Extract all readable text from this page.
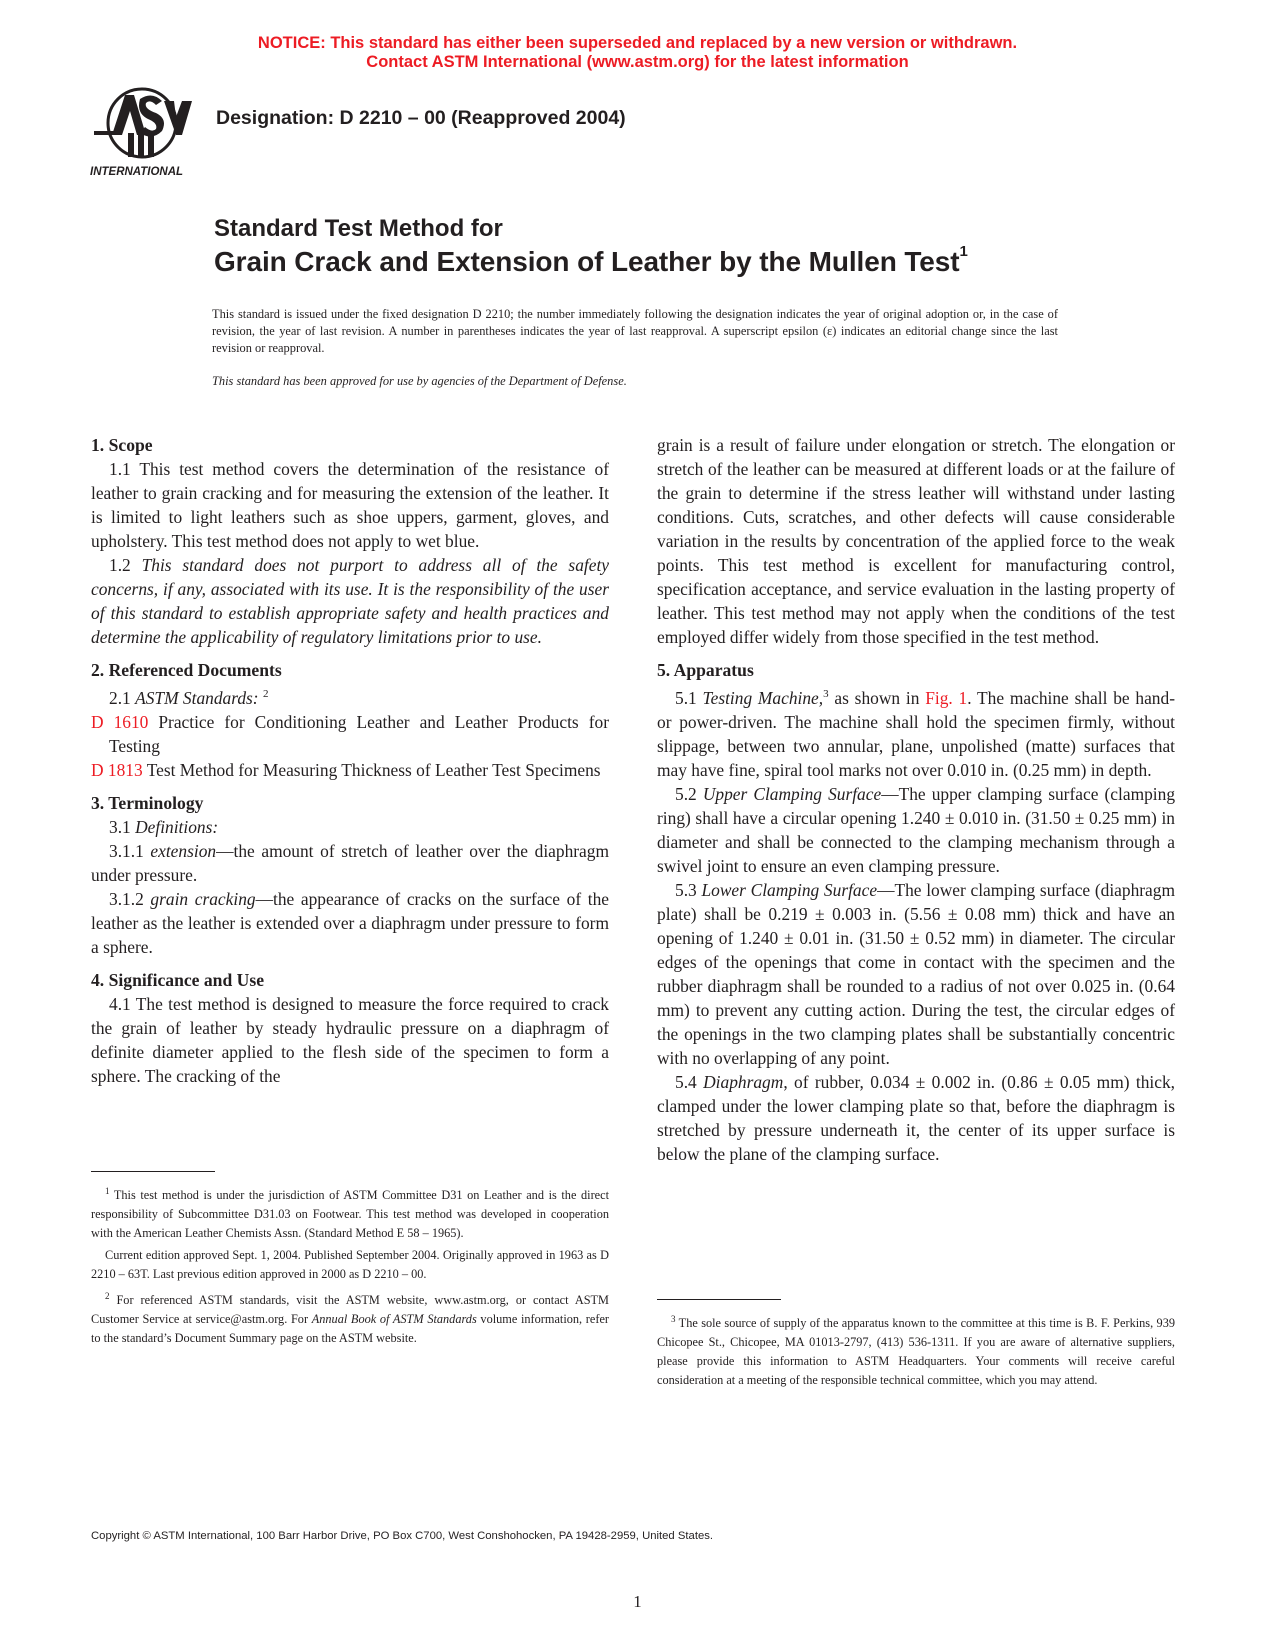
NOTICE: This standard has either been superseded and replaced by a new version or withdrawn.
Contact ASTM International (www.astm.org) for the latest information
INTERNATIONAL
Designation: D 2210 – 00 (Reapproved 2004)
Standard Test Method for
Grain Crack and Extension of Leather by the Mullen Test$^1$
This standard is issued under the fixed designation D 2210; the number immediately following the designation indicates the year of original adoption or, in the case of revision, the year of last revision. A number in parentheses indicates the year of last reapproval. A superscript epsilon (ε) indicates an editorial change since the last revision or reapproval.
This standard has been approved for use by agencies of the Department of Defense.
1. Scope

1.1 This test method covers the determination of the resistance of leather to grain cracking and for measuring the extension of the leather. It is limited to light leathers such as shoe uppers, garment, gloves, and upholstery. This test method does not apply to wet blue.

1.2 This standard does not purport to address all of the safety concerns, if any, associated with its use. It is the responsibility of the user of this standard to establish appropriate safety and health practices and determine the applicability of regulatory limitations prior to use.

2. Referenced Documents

2.1 ASTM Standards: $^2$

D 1610 Practice for Conditioning Leather and Leather Products for Testing

D 1813 Test Method for Measuring Thickness of Leather Test Specimens

3. Terminology

3.1 Definitions:

3.1.1 extension—the amount of stretch of leather over the diaphragm under pressure.

3.1.2 grain cracking—the appearance of cracks on the surface of the leather as the leather is extended over a diaphragm under pressure to form a sphere.

4. Significance and Use

4.1 The test method is designed to measure the force required to crack the grain of leather by steady hydraulic pressure on a diaphragm of definite diameter applied to the flesh side of the specimen to form a sphere. The cracking of the

$^1$ This test method is under the jurisdiction of ASTM Committee D31 on Leather and is the direct responsibility of Subcommittee D31.03 on Footwear. This test method was developed in cooperation with the American Leather Chemists Assn. (Standard Method E 58 – 1965).

Current edition approved Sept. 1, 2004. Published September 2004. Originally approved in 1963 as D 2210 – 63T. Last previous edition approved in 2000 as D 2210 – 00.

$^2$ For referenced ASTM standards, visit the ASTM website, www.astm.org, or contact ASTM Customer Service at service@astm.org. For Annual Book of ASTM Standards volume information, refer to the standard’s Document Summary page on the ASTM website.

grain is a result of failure under elongation or stretch. The elongation or stretch of the leather can be measured at different loads or at the failure of the grain to determine if the stress leather will withstand under lasting conditions. Cuts, scratches, and other defects will cause considerable variation in the results by concentration of the applied force to the weak points. This test method is excellent for manufacturing control, specification acceptance, and service evaluation in the lasting property of leather. This test method may not apply when the conditions of the test employed differ widely from those specified in the test method.

5. Apparatus

5.1 Testing Machine,$^3$ as shown in Fig. 1. The machine shall be hand- or power-driven. The machine shall hold the specimen firmly, without slippage, between two annular, plane, unpolished (matte) surfaces that may have fine, spiral tool marks not over 0.010 in. (0.25 mm) in depth.

5.2 Upper Clamping Surface—The upper clamping surface (clamping ring) shall have a circular opening 1.240 ± 0.010 in. (31.50 ± 0.25 mm) in diameter and shall be connected to the clamping mechanism through a swivel joint to ensure an even clamping pressure.

5.3 Lower Clamping Surface—The lower clamping surface (diaphragm plate) shall be 0.219 ± 0.003 in. (5.56 ± 0.08 mm) thick and have an opening of 1.240 ± 0.01 in. (31.50 ± 0.52 mm) in diameter. The circular edges of the openings that come in contact with the specimen and the rubber diaphragm shall be rounded to a radius of not over 0.025 in. (0.64 mm) to prevent any cutting action. During the test, the circular edges of the openings in the two clamping plates shall be substantially concentric with no overlapping of any point.

5.4 Diaphragm, of rubber, 0.034 ± 0.002 in. (0.86 ± 0.05 mm) thick, clamped under the lower clamping plate so that, before the diaphragm is stretched by pressure underneath it, the center of its upper surface is below the plane of the clamping surface.

$^3$ The sole source of supply of the apparatus known to the committee at this time is B. F. Perkins, 939 Chicopee St., Chicopee, MA 01013-2797, (413) 536-1311. If you are aware of alternative suppliers, please provide this information to ASTM Headquarters. Your comments will receive careful consideration at a meeting of the responsible technical committee, which you may attend.

Copyright © ASTM International, 100 Barr Harbor Drive, PO Box C700, West Conshohocken, PA 19428-2959, United States.
1
